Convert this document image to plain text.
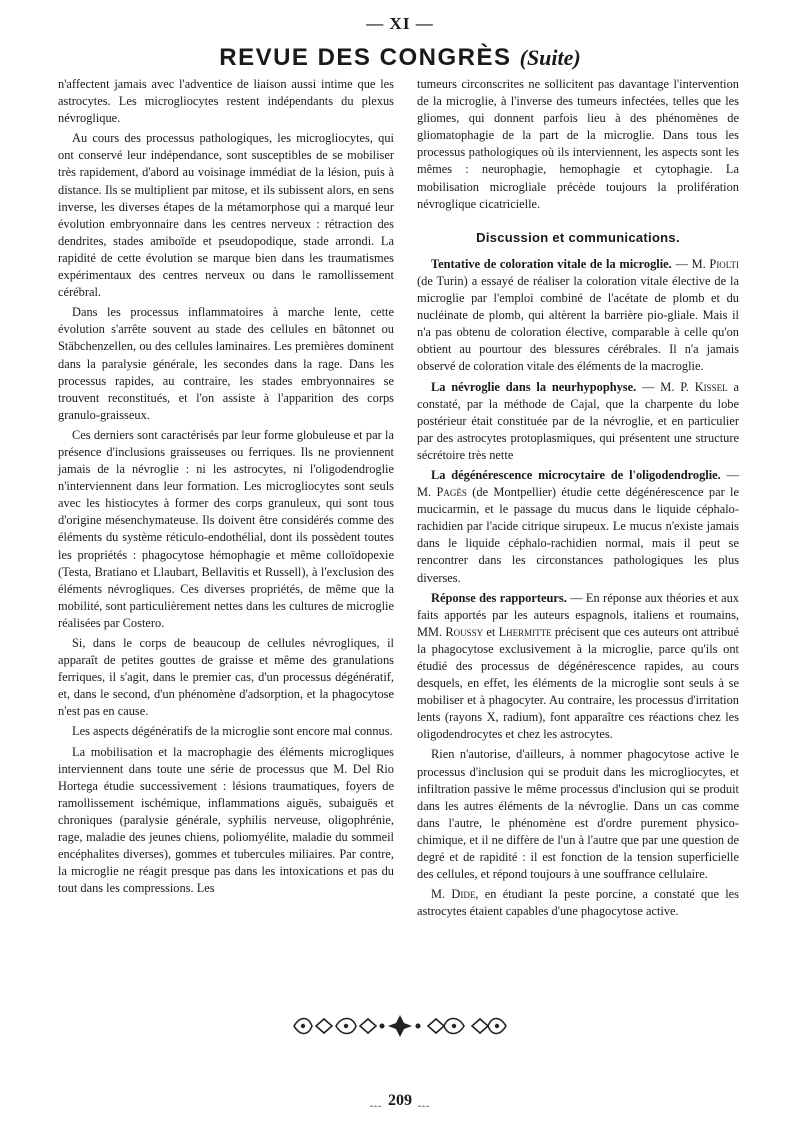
— XI —
REVUE DES CONGRÈS (Suite)

n'affectent jamais avec l'adventice de liaison aussi intime que les astrocytes. Les microgliocytes restent indépendants du plexus névroglique.

Au cours des processus pathologiques, les microgliocytes, qui ont conservé leur indépendance, sont susceptibles de se mobiliser très rapidement, d'abord au voisinage immédiat de la lésion, puis à distance. Ils se multiplient par mitose, et ils subissent alors, en sens inverse, les diverses étapes de la métamorphose qui a marqué leur évolution embryonnaire dans les centres nerveux : rétraction des dendrites, stades amiboïde et pseudopodique, stade arrondi. La rapidité de cette évolution se marque bien dans les traumatismes expérimentaux des centres nerveux ou dans le ramollissement cérébral.

Dans les processus inflammatoires à marche lente, cette évolution s'arrête souvent au stade des cellules en bâtonnet ou Stäbchenzellen, ou des cellules laminaires. Les premières dominent dans la paralysie générale, les secondes dans la rage. Dans les processus rapides, au contraire, les stades embryonnaires se trouvent reconstitués, et l'on assiste à l'apparition des corps granulo-graisseux.

Ces derniers sont caractérisés par leur forme globuleuse et par la présence d'inclusions graisseuses ou ferriques. Ils ne proviennent jamais de la névroglie : ni les astrocytes, ni l'oligodendroglie n'interviennent dans leur formation. Les microgliocytes sont seuls avec les histiocytes à former des corps granuleux, qui sont tous d'origine mésenchymateuse. Ils doivent être considérés comme des éléments du système réticulo-endothélial, dont ils possèdent toutes les propriétés : phagocytose hémophagie et même colloïdopexie (Testa, Bratiano et Llaubart, Bellavitis et Russell), à l'exclusion des éléments névrogliques. Ces diverses propriétés, de même que la mobilité, sont particulièrement nettes dans les cultures de microglie réalisées par Costero.

Si, dans le corps de beaucoup de cellules névrogliques, il apparaît de petites gouttes de graisse et même des granulations ferriques, il s'agit, dans le premier cas, d'un processus dégénératif, et, dans le second, d'un phénomène d'adsorption, et la phagocytose n'est pas en cause.

Les aspects dégénératifs de la microglie sont encore mal connus.

La mobilisation et la macrophagie des éléments microgliques interviennent dans toute une série de processus que M. Del Rio Hortega étudie successivement : lésions traumatiques, foyers de ramollissement ischémique, inflammations aiguës, subaiguës et chroniques (paralysie générale, syphilis nerveuse, oligophrénie, rage, maladie des jeunes chiens, poliomyélite, maladie du sommeil encéphalites diverses), gommes et tubercules miliaires. Par contre, la microglie ne réagit presque pas dans les intoxications et pas du tout dans les compressions. Les

tumeurs circonscrites ne sollicitent pas davantage l'intervention de la microglie, à l'inverse des tumeurs infectées, telles que les gliomes, qui donnent parfois lieu à des phénomènes de gliomatophagie de la part de la microglie. Dans tous les processus pathologiques où ils interviennent, les aspects sont les mêmes : neurophagie, hemophagie et cytophagie. La mobilisation microgliale précède toujours la prolifération névroglique cicatricielle.

Discussion et communications.

Tentative de coloration vitale de la microglie. — M. Piolti (de Turin) a essayé de réaliser la coloration vitale élective de la microglie par l'emploi combiné de l'acétate de plomb et du nucléinate de plomb, qui altèrent la barrière pio-gliale. Mais il n'a pas obtenu de coloration élective, comparable à celle qu'on obtient au pourtour des blessures cérébrales. Il n'a jamais observé de coloration vitale des éléments de la macroglie.

La névroglie dans la neurhypophyse. — M. P. Kissel a constaté, par la méthode de Cajal, que la charpente du lobe postérieur était constituée par de la névroglie, et en particulier par des astrocytes protoplasmiques, qui présentent une structure sécrétoire très nette

La dégénérescence microcytaire de l'oligodendroglie. — M. Pagès (de Montpellier) étudie cette dégénérescence par le mucicarmin, et le passage du mucus dans le liquide céphalo-rachidien par l'acide citrique sirupeux. Le mucus n'existe jamais dans le liquide céphalo-rachidien normal, mais il peut se rencontrer dans les circonstances pathologiques les plus diverses.

Réponse des rapporteurs. — En réponse aux théories et aux faits apportés par les auteurs espagnols, italiens et roumains, MM. Roussy et Lhermitte précisent que ces auteurs ont attribué la phagocytose exclusivement à la microglie, parce qu'ils ont étudié des processus de dégénérescence rapides, au cours desquels, en effet, les éléments de la microglie sont seuls à se mobiliser et à phagocyter. Au contraire, les processus d'irritation lents (rayons X, radium), font apparaître ces réactions chez les oligodendrocytes et chez les astrocytes.

Rien n'autorise, d'ailleurs, à nommer phagocytose active le processus d'inclusion qui se produit dans les microgliocytes, et infiltration passive le même processus d'inclusion qui se produit dans les autres éléments de la névroglie. Dans un cas comme dans l'autre, le phénomène est d'ordre purement physico-chimique, et il ne diffère de l'un à l'autre que par une question de degré et de rapidité : il est fonction de la tension superficielle des cellules, et répond toujours à une souffrance cellulaire.

M. Dide, en étudiant la peste porcine, a constaté que les astrocytes étaient capables d'une phagocytose active.

˷˷˷ 209 ˷˷˷
